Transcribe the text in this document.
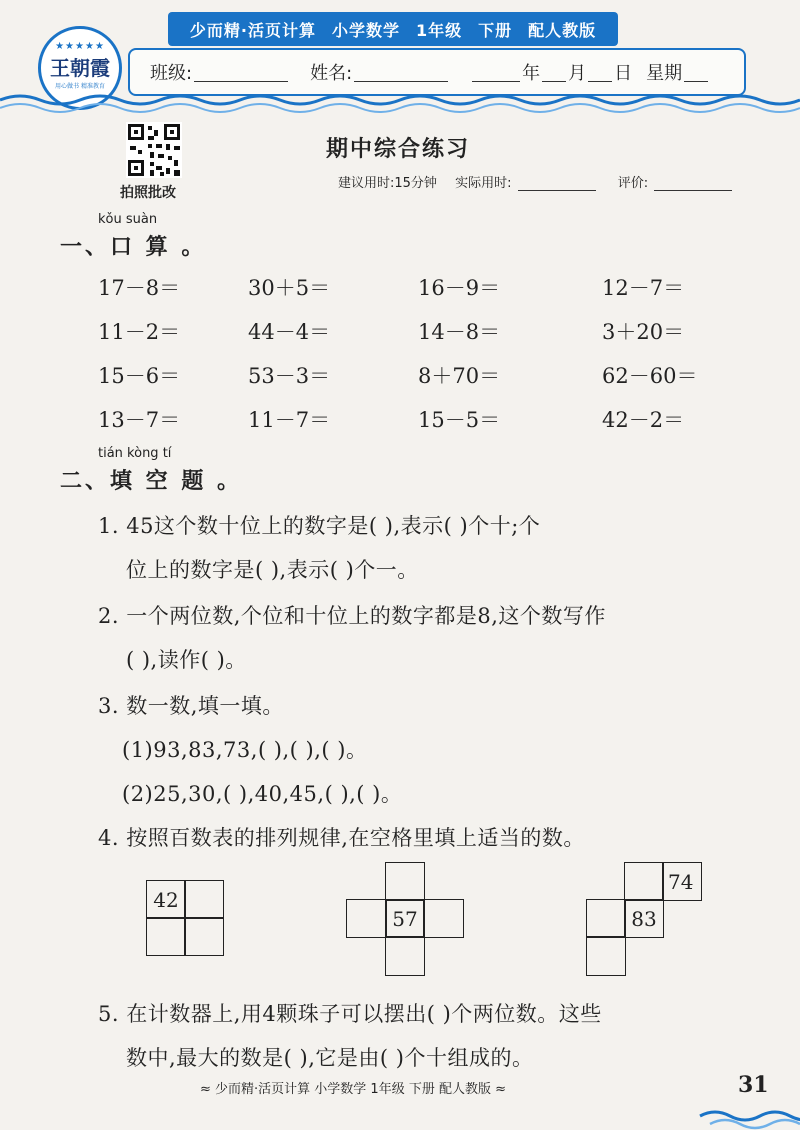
少而精·活页计算 小学数学 1年级 下册 配人教版
★★★★★
王朝霞
用心做书 精准教育
班级:	姓名:	年 月 日 星期
拍照批改
期中综合练习
建议用时:15分钟 实际用时:	评价:
kǒu suàn
一、口 算 。
17－8＝	30＋5＝	16－9＝	12－7＝
11－2＝	44－4＝	14－8＝	3＋20＝
15－6＝	53－3＝	8＋70＝	62－60＝
13－7＝	11－7＝	15－5＝	42－2＝
tián kòng tí
二、填 空 题 。
1. 45这个数十位上的数字是( ),表示( )个十;个
位上的数字是( ),表示( )个一。
2. 一个两位数,个位和十位上的数字都是8,这个数写作
( ),读作( )。
3. 数一数,填一填。
(1)93,83,73,( ),( ),( )。
(2)25,30,( ),40,45,( ),( )。
4. 按照百数表的排列规律,在空格里填上适当的数。
42
57	83
74
5. 在计数器上,用4颗珠子可以摆出( )个两位数。这些
数中,最大的数是( ),它是由( )个十组成的。
≈ 少而精·活页计算 小学数学 1年级 下册 配人教版 ≈	31
